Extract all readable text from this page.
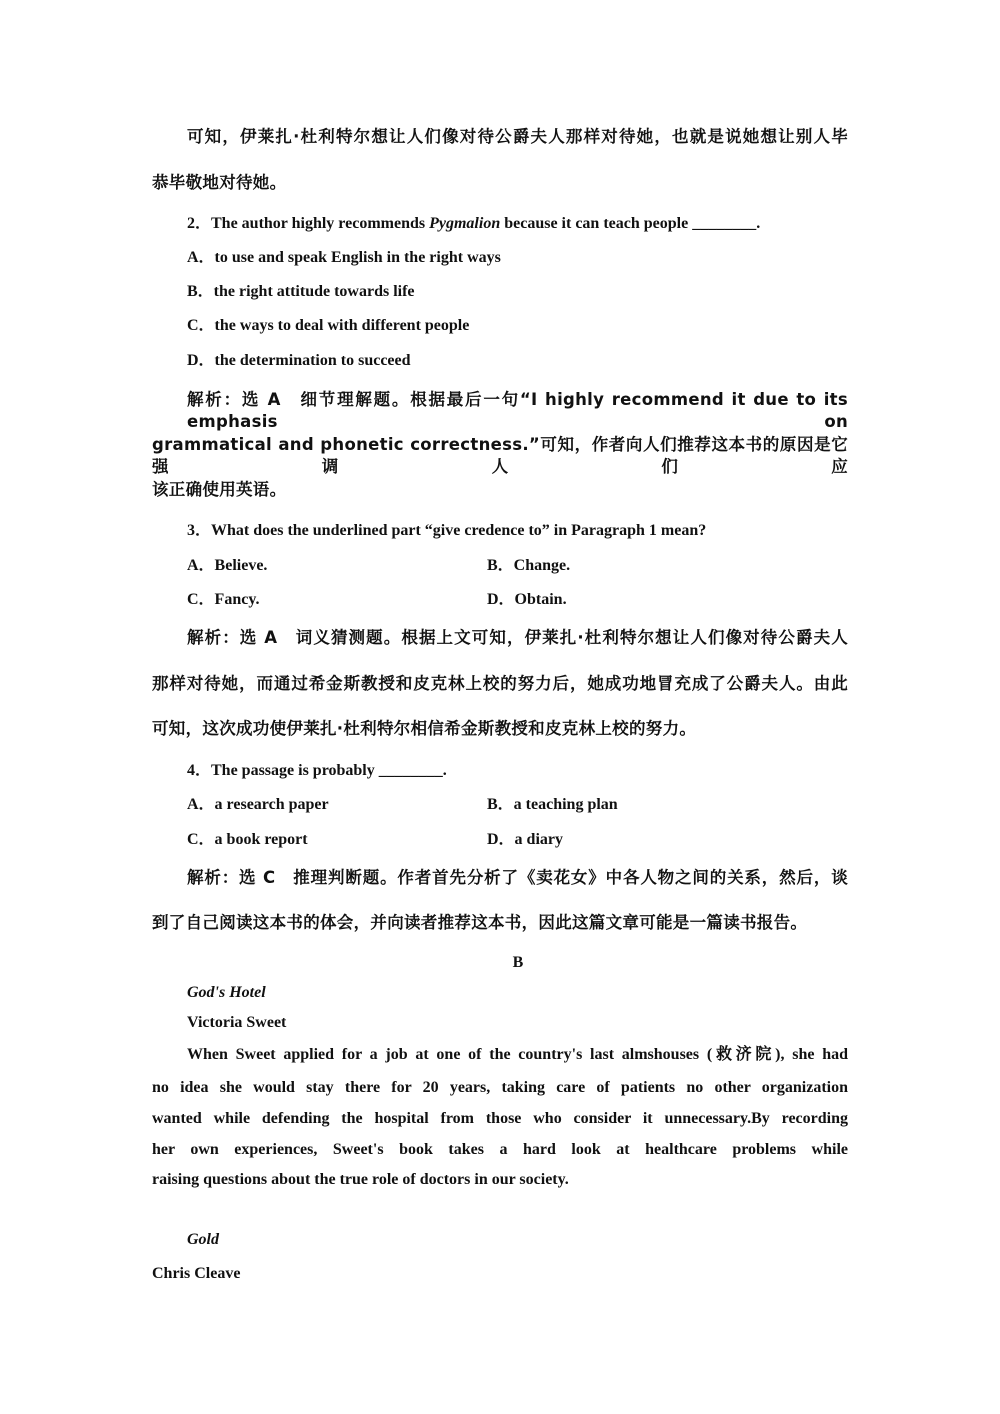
可知，伊莱扎·杜利特尔想让人们像对待公爵夫人那样对待她，也就是说她想让别人毕
恭毕敬地对待她。
2．The author highly recommends Pygmalion because it can teach people ________.
A．to use and speak English in the right ways
B．the right attitude towards life
C．the ways to deal with different people
D．the determination to succeed
解析：选 A　细节理解题。根据最后一句“I highly recommend it due to its emphasis on
grammatical and phonetic correctness.”可知，作者向人们推荐这本书的原因是它强调人们应
该正确使用英语。
3．What does the underlined part “give credence to” in Paragraph 1 mean?
A．Believe.	B．Change.
C．Fancy.	D．Obtain.
解析：选 A　词义猜测题。根据上文可知，伊莱扎·杜利特尔想让人们像对待公爵夫人
那样对待她，而通过希金斯教授和皮克林上校的努力后，她成功地冒充成了公爵夫人。由此
可知，这次成功使伊莱扎·杜利特尔相信希金斯教授和皮克林上校的努力。
4．The passage is probably ________.
A．a research paper	B．a teaching plan
C．a book report	D．a diary
解析：选 C　推理判断题。作者首先分析了《卖花女》中各人物之间的关系，然后，谈
到了自己阅读这本书的体会，并向读者推荐这本书，因此这篇文章可能是一篇读书报告。
B
God's Hotel
Victoria Sweet
When Sweet applied for a job at one of the country's last almshouses (救济院), she had
no idea she would stay there for 20 years, taking care of patients no other organization
wanted while defending the hospital from those who consider it unnecessary.By recording
her own experiences, Sweet's book takes a hard look at healthcare problems while
raising questions about the true role of doctors in our society.
Gold
Chris Cleave
